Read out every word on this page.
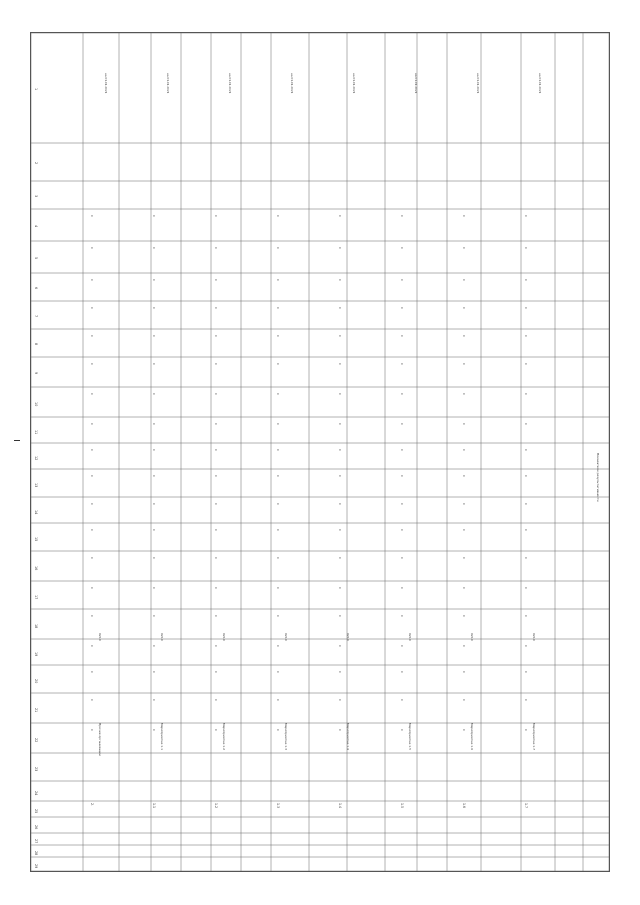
1
2
3
4
5
6
7
8
9
10
11
12
13
14
15
16
17
18
19
20
21
22
23
24
25
26
27
28
29
2.
Прочие организации
0210
0
0
0
0
0
0
0
0
0
0
0
0
0
0
0
0
0
0
0
на 01.01.2021
1.1
Мероприятие 1.1
0210
0
0
0
0
0
0
0
0
0
0
0
0
0
0
0
0
0
0
0
на 01.01.2021
1.2
Мероприятие 1.2
0210
0
0
0
0
0
0
0
0
0
0
0
0
0
0
0
0
0
0
0
на 01.01.2021
1.3
Мероприятие 1.3
0210
0
0
0
0
0
0
0
0
0
0
0
0
0
0
0
0
0
0
0
на 01.01.2021
1.4
Мероприятие 1.4
0210
0
0
0
0
0
0
0
0
0
0
0
0
0
0
0
0
0
0
0
на 01.01.2021
1.5
Мероприятие 1.5
0210
0
0
0
0
0
0
0
0
0
0
0
0
0
0
0
0
0
0
0
на 01.01.2021
1.6
Мероприятие 1.6
0210
0
0
0
0
0
0
0
0
0
0
0
0
0
0
0
0
0
0
0
на 01.01.2021
1.7
Мероприятие 1.7
0210
0
0
0
0
0
0
0
0
0
0
0
0
0
0
0
0
0
0
0
на 01.01.2021
Показатели результативности
